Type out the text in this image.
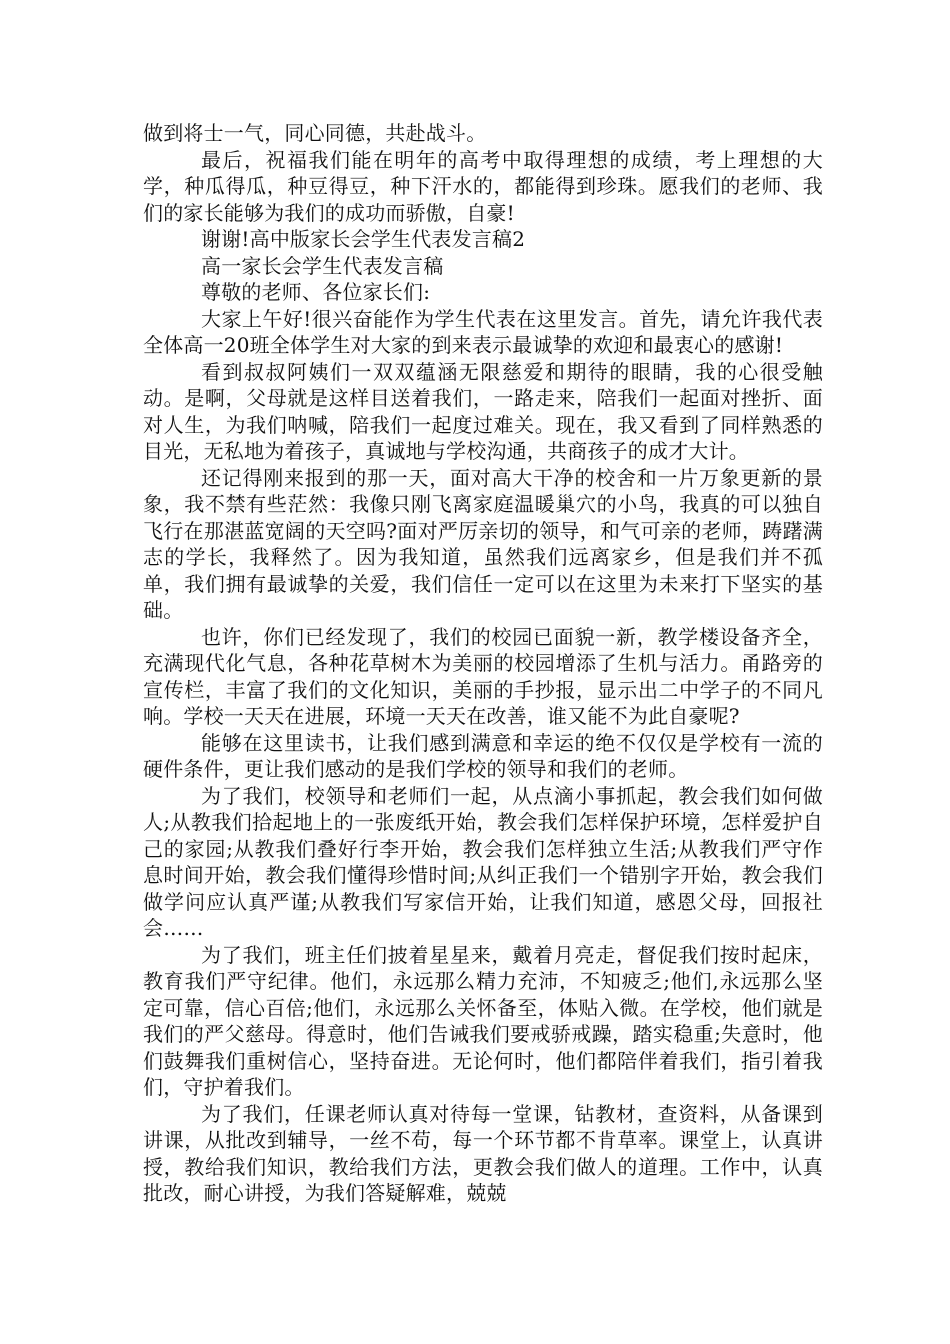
做到将士一气，同心同德，共赴战斗。

最后，祝福我们能在明年的高考中取得理想的成绩，考上理想的大学，种瓜得瓜，种豆得豆，种下汗水的，都能得到珍珠。愿我们的老师、我们的家长能够为我们的成功而骄傲，自豪!

谢谢!高中版家长会学生代表发言稿2

高一家长会学生代表发言稿

尊敬的老师、各位家长们:

大家上午好!很兴奋能作为学生代表在这里发言。首先，请允许我代表全体高一20班全体学生对大家的到来表示最诚挚的欢迎和最衷心的感谢!

看到叔叔阿姨们一双双蕴涵无限慈爱和期待的眼睛，我的心很受触动。是啊，父母就是这样目送着我们，一路走来，陪我们一起面对挫折、面对人生，为我们呐喊，陪我们一起度过难关。现在，我又看到了同样熟悉的目光，无私地为着孩子，真诚地与学校沟通，共商孩子的成才大计。

还记得刚来报到的那一天，面对高大干净的校舍和一片万象更新的景象，我不禁有些茫然：我像只刚飞离家庭温暖巢穴的小鸟，我真的可以独自飞行在那湛蓝宽阔的天空吗?面对严厉亲切的领导，和气可亲的老师，踌躇满志的学长，我释然了。因为我知道，虽然我们远离家乡，但是我们并不孤单，我们拥有最诚挚的关爱，我们信任一定可以在这里为未来打下坚实的基础。

也许，你们已经发现了，我们的校园已面貌一新，教学楼设备齐全，充满现代化气息，各种花草树木为美丽的校园增添了生机与活力。甬路旁的宣传栏，丰富了我们的文化知识，美丽的手抄报，显示出二中学子的不同凡响。学校一天天在进展，环境一天天在改善，谁又能不为此自豪呢?

能够在这里读书，让我们感到满意和幸运的绝不仅仅是学校有一流的硬件条件，更让我们感动的是我们学校的领导和我们的老师。

为了我们，校领导和老师们一起，从点滴小事抓起，教会我们如何做人;从教我们拾起地上的一张废纸开始，教会我们怎样保护环境，怎样爱护自己的家园;从教我们叠好行李开始，教会我们怎样独立生活;从教我们严守作息时间开始，教会我们懂得珍惜时间;从纠正我们一个错别字开始，教会我们做学问应认真严谨;从教我们写家信开始，让我们知道，感恩父母，回报社会……

为了我们，班主任们披着星星来，戴着月亮走，督促我们按时起床，教育我们严守纪律。他们，永远那么精力充沛，不知疲乏;他们,永远那么坚定可靠，信心百倍;他们，永远那么关怀备至，体贴入微。在学校，他们就是我们的严父慈母。得意时，他们告诫我们要戒骄戒躁，踏实稳重;失意时，他们鼓舞我们重树信心，坚持奋进。无论何时，他们都陪伴着我们，指引着我们，守护着我们。

为了我们，任课老师认真对待每一堂课，钻教材，查资料，从备课到讲课，从批改到辅导，一丝不苟，每一个环节都不肯草率。课堂上，认真讲授，教给我们知识，教给我们方法，更教会我们做人的道理。工作中，认真批改，耐心讲授，为我们答疑解难，兢兢
